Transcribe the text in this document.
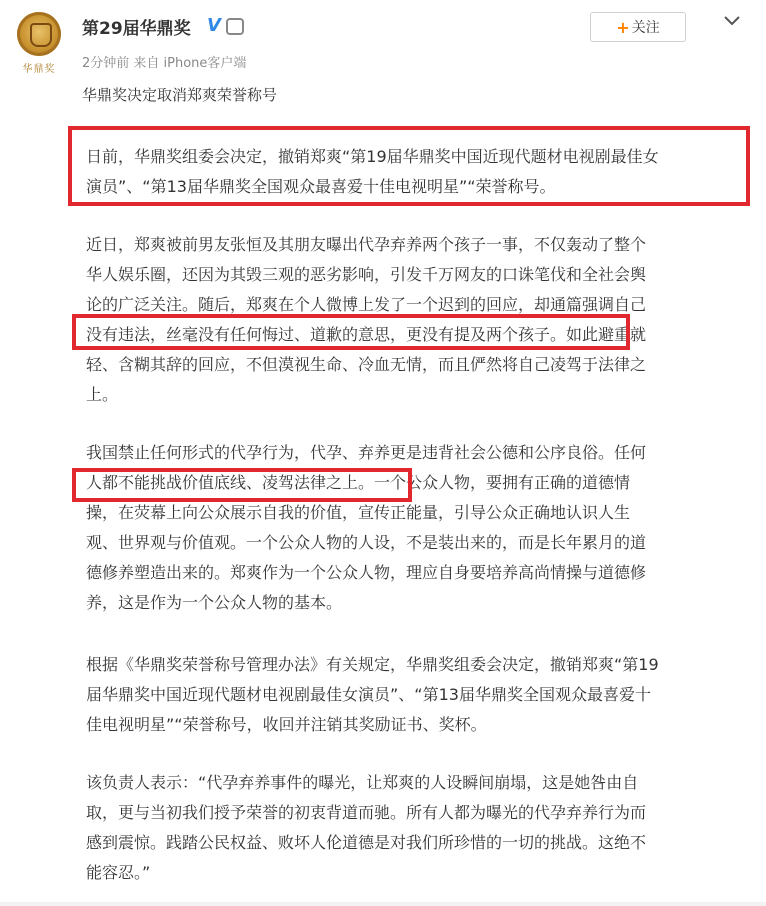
华鼎奖
第29届华鼎奖 V
2分钟前 来自 iPhone客户端
华鼎奖决定取消郑爽荣誉称号
+ 关注
日前，华鼎奖组委会决定，撤销郑爽“第19届华鼎奖中国近现代题材电视剧最佳女
演员”、“第13届华鼎奖全国观众最喜爱十佳电视明星”“荣誉称号。
近日，郑爽被前男友张恒及其朋友曝出代孕弃养两个孩子一事，不仅轰动了整个
华人娱乐圈，还因为其毁三观的恶劣影响，引发千万网友的口诛笔伐和全社会舆
论的广泛关注。随后，郑爽在个人微博上发了一个迟到的回应，却通篇强调自己
没有违法，丝毫没有任何悔过、道歉的意思，更没有提及两个孩子。如此避重就
轻、含糊其辞的回应，不但漠视生命、冷血无情，而且俨然将自己凌驾于法律之
上。
我国禁止任何形式的代孕行为，代孕、弃养更是违背社会公德和公序良俗。任何
人都不能挑战价值底线、凌驾法律之上。一个公众人物，要拥有正确的道德情
操，在荧幕上向公众展示自我的价值，宣传正能量，引导公众正确地认识人生
观、世界观与价值观。一个公众人物的人设，不是装出来的，而是长年累月的道
德修养塑造出来的。郑爽作为一个公众人物，理应自身要培养高尚情操与道德修
养，这是作为一个公众人物的基本。
根据《华鼎奖荣誉称号管理办法》有关规定，华鼎奖组委会决定，撤销郑爽“第19
届华鼎奖中国近现代题材电视剧最佳女演员”、“第13届华鼎奖全国观众最喜爱十
佳电视明星”“荣誉称号，收回并注销其奖励证书、奖杯。
该负责人表示：“代孕弃养事件的曝光，让郑爽的人设瞬间崩塌，这是她咎由自
取，更与当初我们授予荣誉的初衷背道而驰。所有人都为曝光的代孕弃养行为而
感到震惊。践踏公民权益、败坏人伦道德是对我们所珍惜的一切的挑战。这绝不
能容忍。”
